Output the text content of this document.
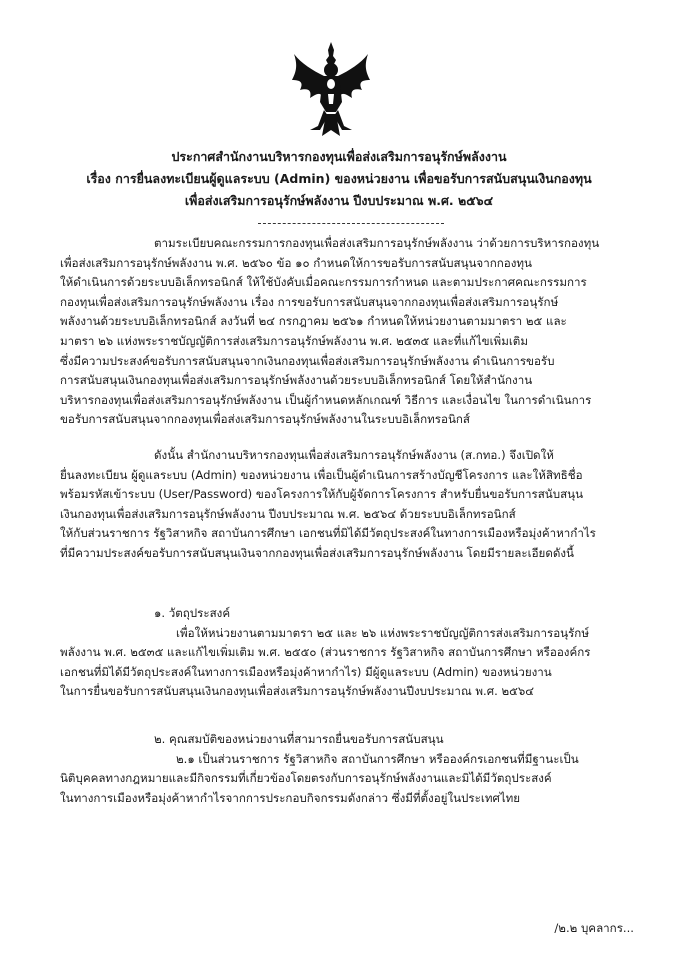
ประกาศสำนักงานบริหารกองทุนเพื่อส่งเสริมการอนุรักษ์พลังงาน
เรื่อง การยื่นลงทะเบียนผู้ดูแลระบบ (Admin) ของหน่วยงาน เพื่อขอรับการสนับสนุนเงินกองทุน
เพื่อส่งเสริมการอนุรักษ์พลังงาน ปีงบประมาณ พ.ศ. ๒๕๖๔
ตามระเบียบคณะกรรมการกองทุนเพื่อส่งเสริมการอนุรักษ์พลังงาน ว่าด้วยการบริหารกองทุน
เพื่อส่งเสริมการอนุรักษ์พลังงาน พ.ศ. ๒๕๖๐ ข้อ ๑๐ กำหนดให้การขอรับการสนับสนุนจากกองทุน
ให้ดำเนินการด้วยระบบอิเล็กทรอนิกส์ ให้ใช้บังคับเมื่อคณะกรรมการกำหนด และตามประกาศคณะกรรมการ
กองทุนเพื่อส่งเสริมการอนุรักษ์พลังงาน เรื่อง การขอรับการสนับสนุนจากกองทุนเพื่อส่งเสริมการอนุรักษ์
พลังงานด้วยระบบอิเล็กทรอนิกส์ ลงวันที่ ๒๔ กรกฎาคม ๒๕๖๑ กำหนดให้หน่วยงานตามมาตรา ๒๕ และ
มาตรา ๒๖ แห่งพระราชบัญญัติการส่งเสริมการอนุรักษ์พลังงาน พ.ศ. ๒๕๓๕ และที่แก้ไขเพิ่มเติม
ซึ่งมีความประสงค์ขอรับการสนับสนุนจากเงินกองทุนเพื่อส่งเสริมการอนุรักษ์พลังงาน ดำเนินการขอรับ
การสนับสนุนเงินกองทุนเพื่อส่งเสริมการอนุรักษ์พลังงานด้วยระบบอิเล็กทรอนิกส์ โดยให้สำนักงาน
บริหารกองทุนเพื่อส่งเสริมการอนุรักษ์พลังงาน เป็นผู้กำหนดหลักเกณฑ์ วิธีการ และเงื่อนไข ในการดำเนินการ
ขอรับการสนับสนุนจากกองทุนเพื่อส่งเสริมการอนุรักษ์พลังงานในระบบอิเล็กทรอนิกส์
ดังนั้น สำนักงานบริหารกองทุนเพื่อส่งเสริมการอนุรักษ์พลังงาน (ส.กทอ.) จึงเปิดให้
ยื่นลงทะเบียน ผู้ดูแลระบบ (Admin) ของหน่วยงาน เพื่อเป็นผู้ดำเนินการสร้างบัญชีโครงการ และให้สิทธิชื่อ
พร้อมรหัสเข้าระบบ (User/Password) ของโครงการให้กับผู้จัดการโครงการ สำหรับยื่นขอรับการสนับสนุน
เงินกองทุนเพื่อส่งเสริมการอนุรักษ์พลังงาน ปีงบประมาณ พ.ศ. ๒๕๖๔ ด้วยระบบอิเล็กทรอนิกส์
ให้กับส่วนราชการ รัฐวิสาหกิจ สถาบันการศึกษา เอกชนที่มิได้มีวัตถุประสงค์ในทางการเมืองหรือมุ่งค้าหากำไร
ที่มีความประสงค์ขอรับการสนับสนุนเงินจากกองทุนเพื่อส่งเสริมการอนุรักษ์พลังงาน โดยมีรายละเอียดดังนี้
๑. วัตถุประสงค์
เพื่อให้หน่วยงานตามมาตรา ๒๕ และ ๒๖ แห่งพระราชบัญญัติการส่งเสริมการอนุรักษ์
พลังงาน พ.ศ. ๒๕๓๕ และแก้ไขเพิ่มเติม พ.ศ. ๒๕๕๐ (ส่วนราชการ รัฐวิสาหกิจ สถาบันการศึกษา หรือองค์กร
เอกชนที่มิได้มีวัตถุประสงค์ในทางการเมืองหรือมุ่งค้าหากำไร) มีผู้ดูแลระบบ (Admin) ของหน่วยงาน
ในการยื่นขอรับการสนับสนุนเงินกองทุนเพื่อส่งเสริมการอนุรักษ์พลังงานปีงบประมาณ พ.ศ. ๒๕๖๔
๒. คุณสมบัติของหน่วยงานที่สามารถยื่นขอรับการสนับสนุน
๒.๑ เป็นส่วนราชการ รัฐวิสาหกิจ สถาบันการศึกษา หรือองค์กรเอกชนที่มีฐานะเป็น
นิติบุคคลทางกฎหมายและมีกิจกรรมที่เกี่ยวข้องโดยตรงกับการอนุรักษ์พลังงานและมิได้มีวัตถุประสงค์
ในทางการเมืองหรือมุ่งค้าหากำไรจากการประกอบกิจกรรมดังกล่าว ซึ่งมีที่ตั้งอยู่ในประเทศไทย
/๒.๒ บุคลากร...
